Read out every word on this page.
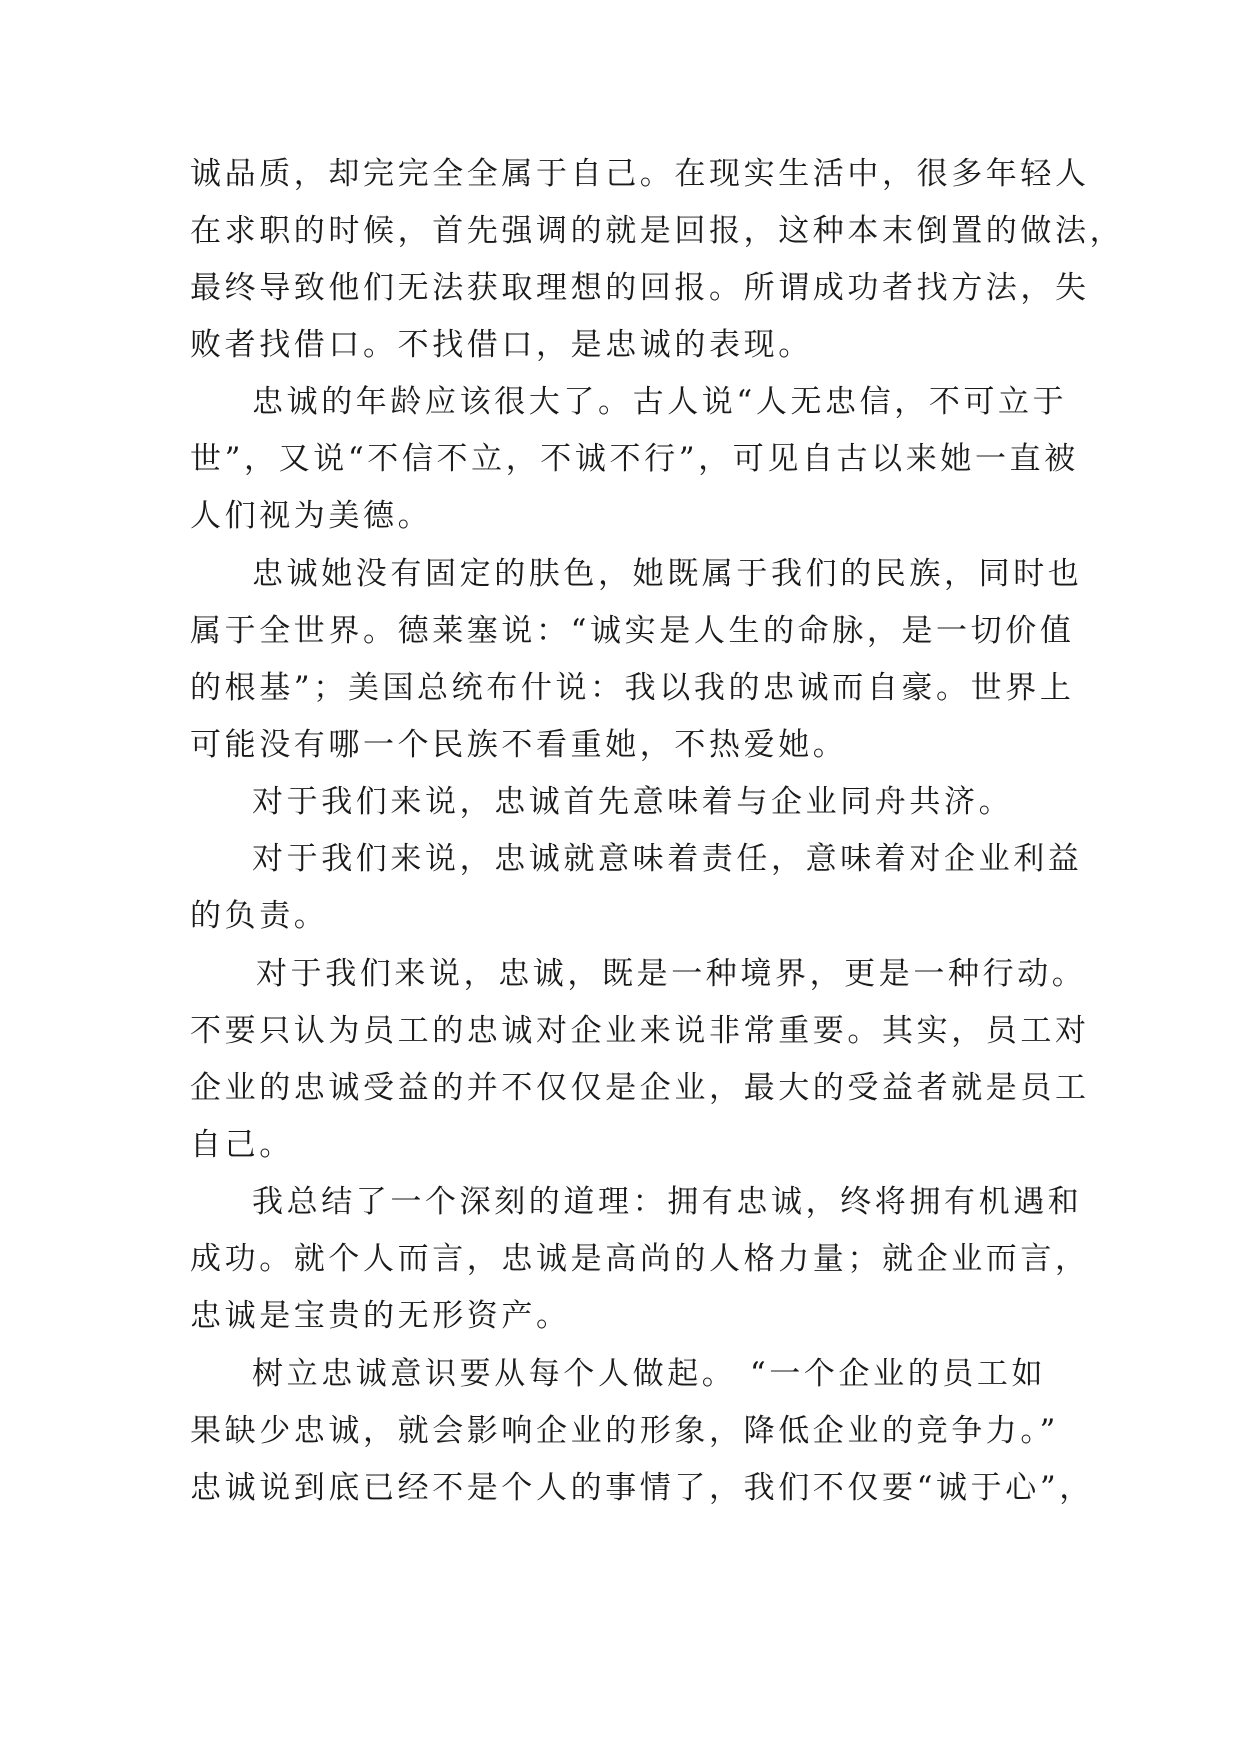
诚品质，却完完全全属于自己。在现实生活中，很多年轻人
在求职的时候，首先强调的就是回报，这种本末倒置的做法，
最终导致他们无法获取理想的回报。所谓成功者找方法，失
败者找借口。不找借口，是忠诚的表现。
忠诚的年龄应该很大了。古人说“人无忠信，不可立于
世”，又说“不信不立，不诚不行”，可见自古以来她一直被
人们视为美德。
忠诚她没有固定的肤色，她既属于我们的民族，同时也
属于全世界。德莱塞说：“诚实是人生的命脉，是一切价值
的根基”；美国总统布什说：我以我的忠诚而自豪。世界上
可能没有哪一个民族不看重她，不热爱她。
对于我们来说，忠诚首先意味着与企业同舟共济。
对于我们来说，忠诚就意味着责任，意味着对企业利益
的负责。
对于我们来说，忠诚，既是一种境界，更是一种行动。
不要只认为员工的忠诚对企业来说非常重要。其实，员工对
企业的忠诚受益的并不仅仅是企业，最大的受益者就是员工
自己。
我总结了一个深刻的道理：拥有忠诚，终将拥有机遇和
成功。就个人而言，忠诚是高尚的人格力量；就企业而言，
忠诚是宝贵的无形资产。
树立忠诚意识要从每个人做起。 “一个企业的员工如
果缺少忠诚，就会影响企业的形象，降低企业的竞争力。”
忠诚说到底已经不是个人的事情了，我们不仅要“诚于心”，
